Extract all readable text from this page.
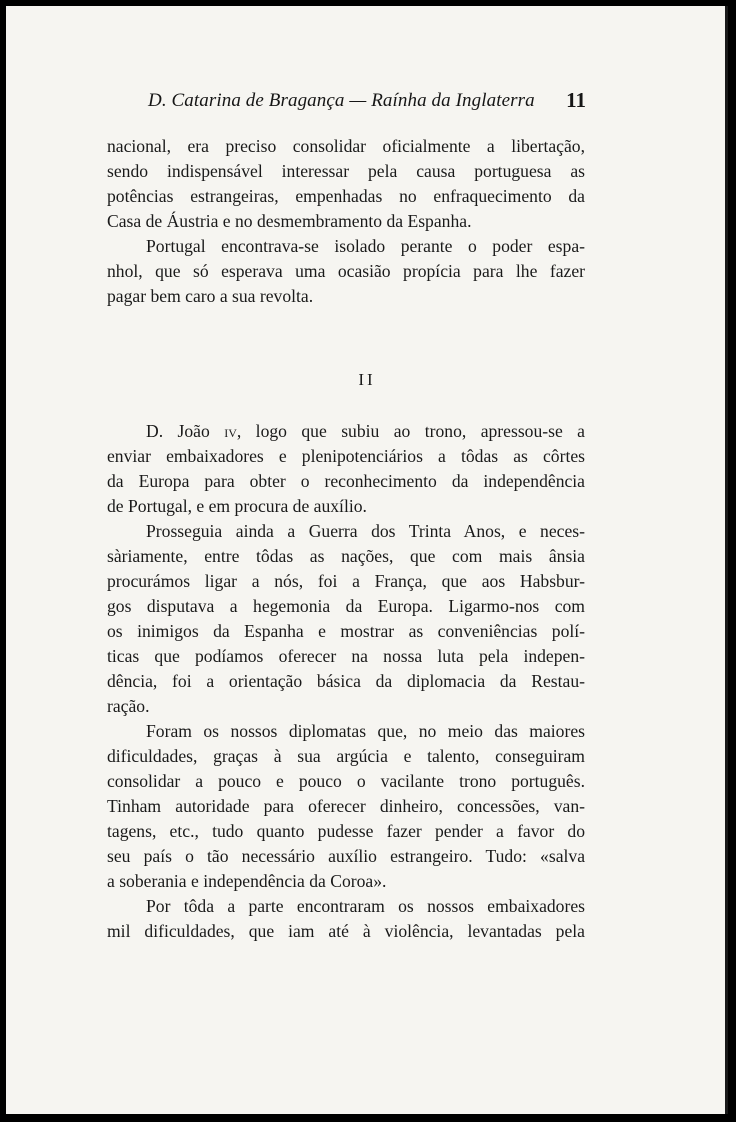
D. Catarina de Bragança — Raínha da Inglaterra 11
nacional, era preciso consolidar oficialmente a libertação,
sendo indispensável interessar pela causa portuguesa as
potências estrangeiras, empenhadas no enfraquecimento da
Casa de Áustria e no desmembramento da Espanha.
Portugal encontrava-se isolado perante o poder espa-
nhol, que só esperava uma ocasião propícia para lhe fazer
pagar bem caro a sua revolta.
II
D. João iv, logo que subiu ao trono, apressou-se a
enviar embaixadores e plenipotenciários a tôdas as côrtes
da Europa para obter o reconhecimento da independência
de Portugal, e em procura de auxílio.
Prosseguia ainda a Guerra dos Trinta Anos, e neces-
sàriamente, entre tôdas as nações, que com mais ânsia
procurámos ligar a nós, foi a França, que aos Habsbur-
gos disputava a hegemonia da Europa. Ligarmo-nos com
os inimigos da Espanha e mostrar as conveniências polí-
ticas que podíamos oferecer na nossa luta pela indepen-
dência, foi a orientação básica da diplomacia da Restau-
ração.
Foram os nossos diplomatas que, no meio das maiores
dificuldades, graças à sua argúcia e talento, conseguiram
consolidar a pouco e pouco o vacilante trono português.
Tinham autoridade para oferecer dinheiro, concessões, van-
tagens, etc., tudo quanto pudesse fazer pender a favor do
seu país o tão necessário auxílio estrangeiro. Tudo: «salva
a soberania e independência da Coroa».
Por tôda a parte encontraram os nossos embaixadores
mil dificuldades, que iam até à violência, levantadas pela
